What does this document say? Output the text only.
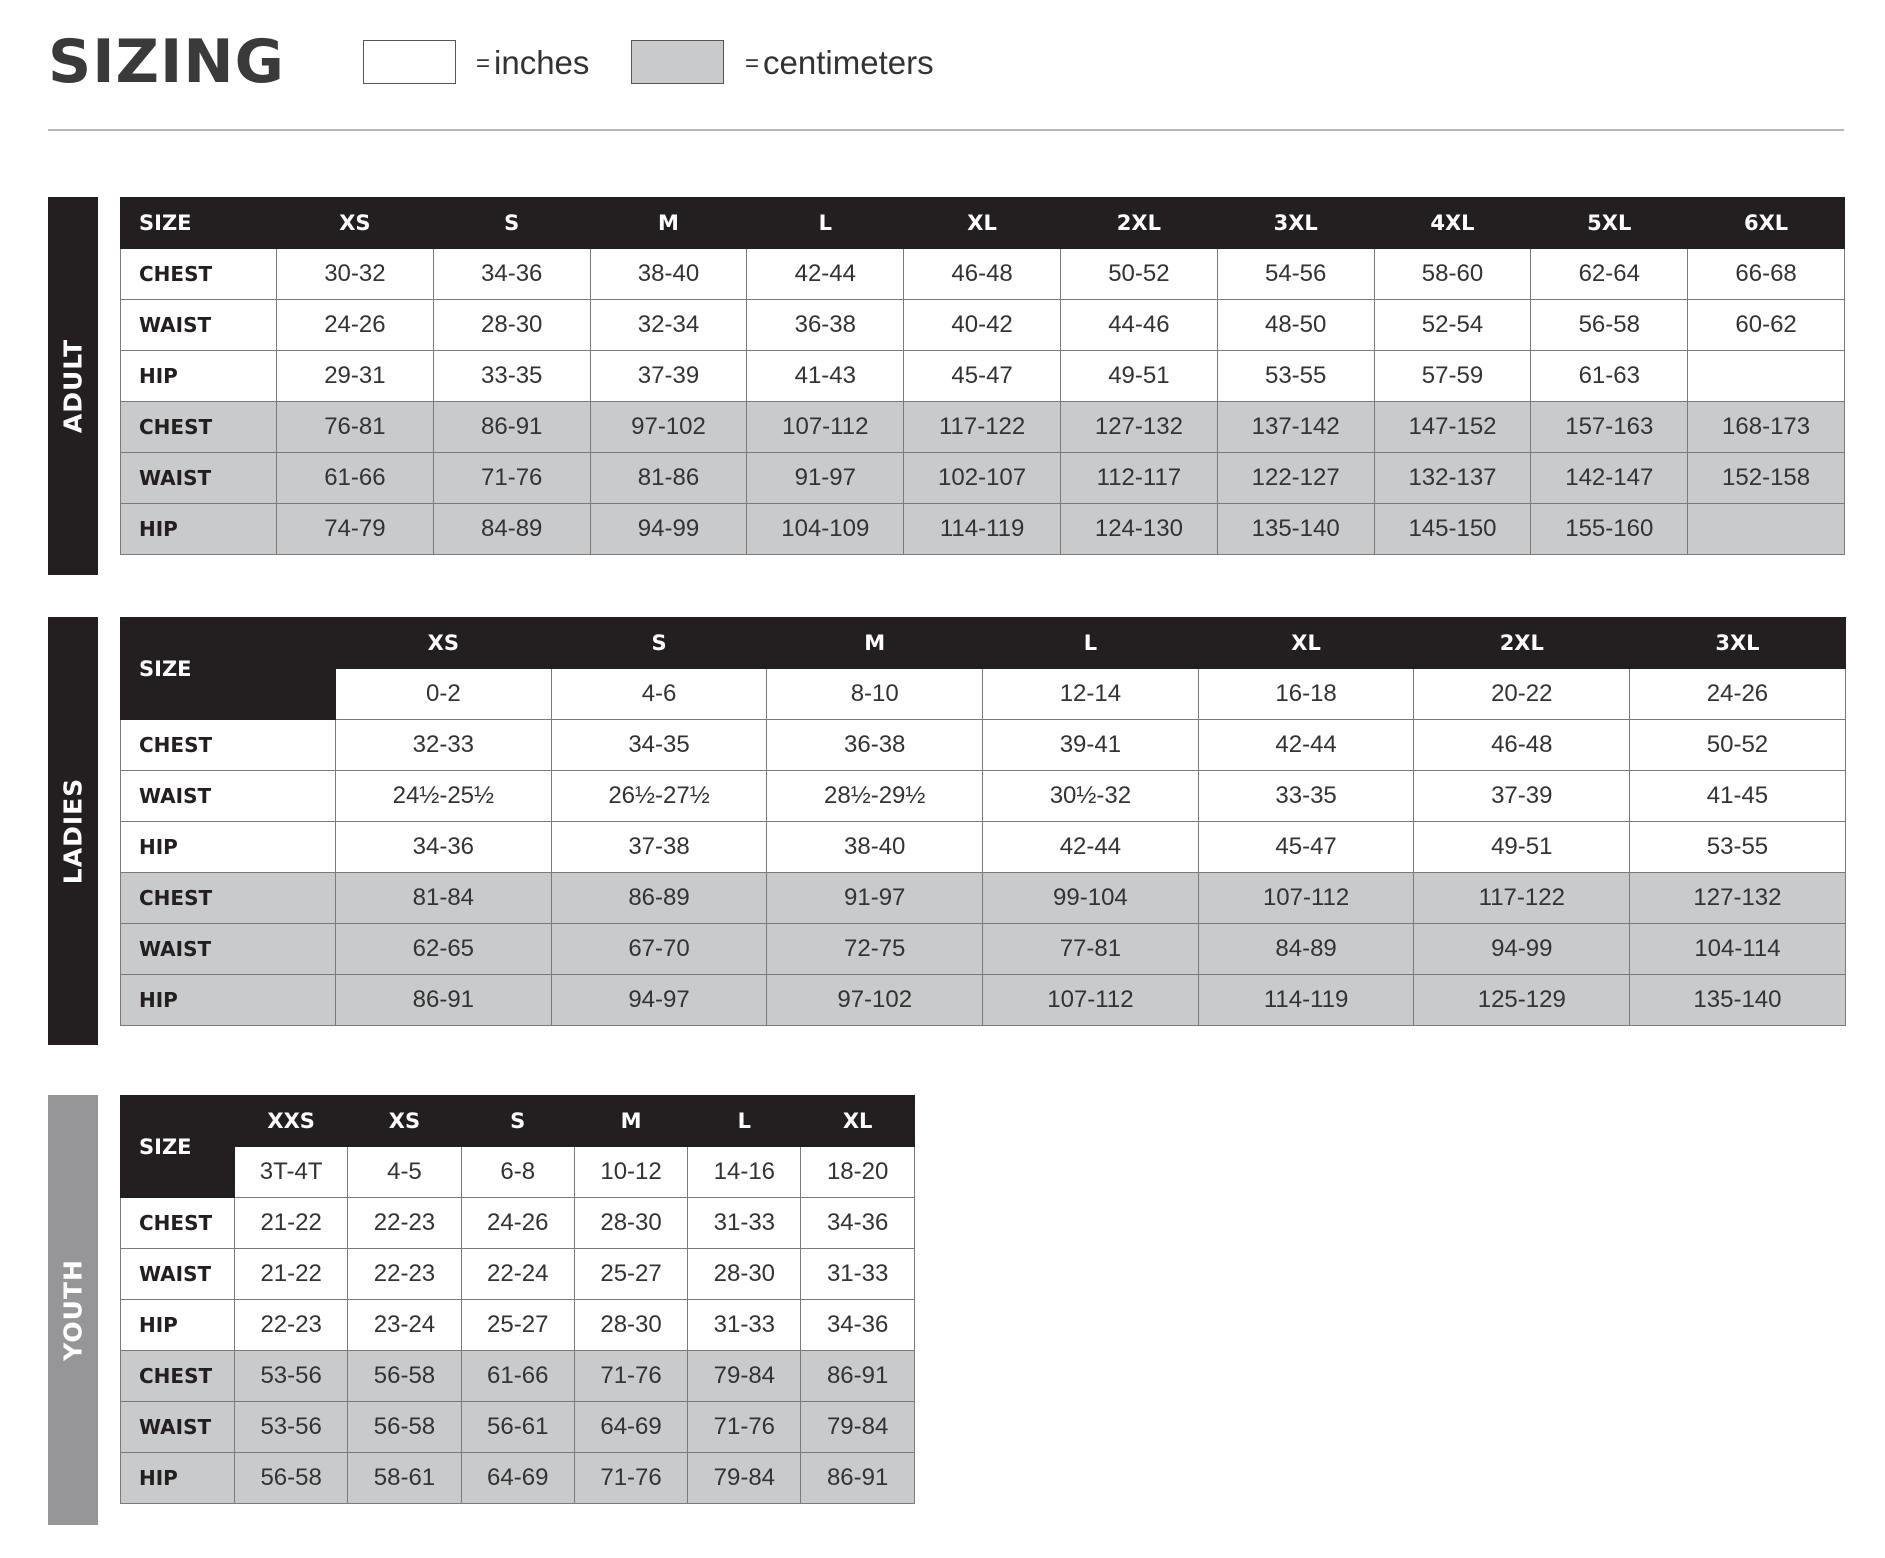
SIZING	= inches	= centimeters
ADULT
SIZE	XS	S	M	L	XL	2XL	3XL	4XL	5XL	6XL
CHEST	30-32	34-36	38-40	42-44	46-48	50-52	54-56	58-60	62-64	66-68
WAIST	24-26	28-30	32-34	36-38	40-42	44-46	48-50	52-54	56-58	60-62
HIP	29-31	33-35	37-39	41-43	45-47	49-51	53-55	57-59	61-63	
CHEST	76-81	86-91	97-102	107-112	117-122	127-132	137-142	147-152	157-163	168-173
WAIST	61-66	71-76	81-86	91-97	102-107	112-117	122-127	132-137	142-147	152-158
HIP	74-79	84-89	94-99	104-109	114-119	124-130	135-140	145-150	155-160	
LADIES
SIZE	XS	S	M	L	XL	2XL	3XL
	0-2	4-6	8-10	12-14	16-18	20-22	24-26
CHEST	32-33	34-35	36-38	39-41	42-44	46-48	50-52
WAIST	24½-25½	26½-27½	28½-29½	30½-32	33-35	37-39	41-45
HIP	34-36	37-38	38-40	42-44	45-47	49-51	53-55
CHEST	81-84	86-89	91-97	99-104	107-112	117-122	127-132
WAIST	62-65	67-70	72-75	77-81	84-89	94-99	104-114
HIP	86-91	94-97	97-102	107-112	114-119	125-129	135-140
YOUTH
SIZE	XXS	XS	S	M	L	XL
	3T-4T	4-5	6-8	10-12	14-16	18-20
CHEST	21-22	22-23	24-26	28-30	31-33	34-36
WAIST	21-22	22-23	22-24	25-27	28-30	31-33
HIP	22-23	23-24	25-27	28-30	31-33	34-36
CHEST	53-56	56-58	61-66	71-76	79-84	86-91
WAIST	53-56	56-58	56-61	64-69	71-76	79-84
HIP	56-58	58-61	64-69	71-76	79-84	86-91
